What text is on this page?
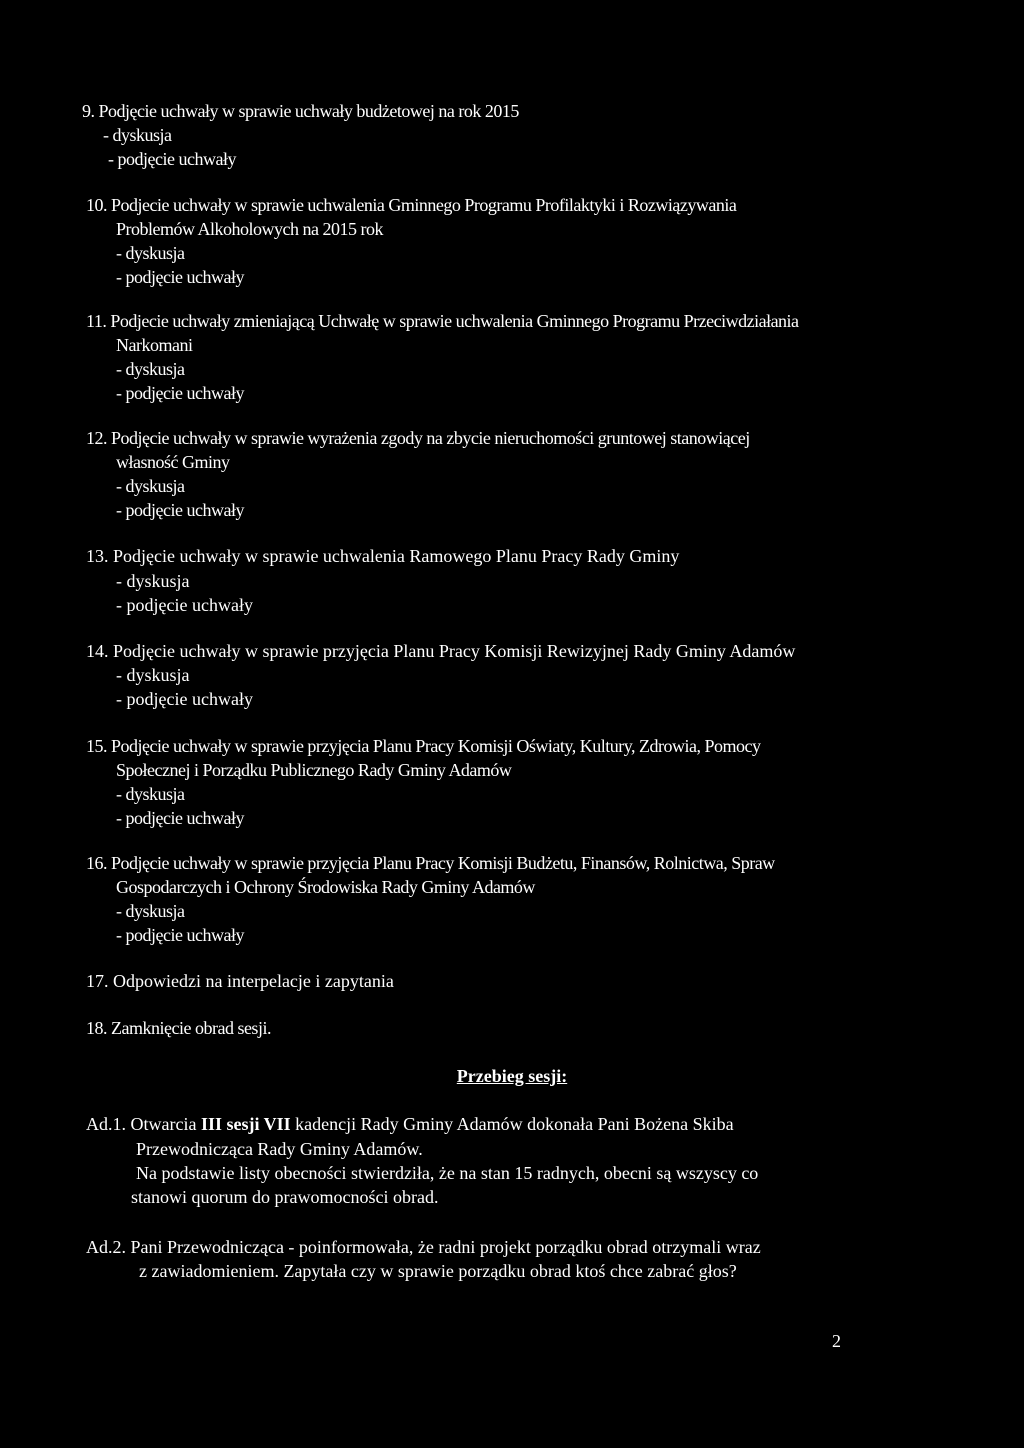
9. Podjęcie uchwały w sprawie uchwały budżetowej na rok 2015
- dyskusja
- podjęcie uchwały
10. Podjecie uchwały w sprawie uchwalenia Gminnego Programu Profilaktyki i Rozwiązywania
Problemów Alkoholowych na 2015 rok
- dyskusja
- podjęcie uchwały
11. Podjecie uchwały zmieniającą Uchwałę w sprawie uchwalenia Gminnego Programu Przeciwdziałania
Narkomani
- dyskusja
- podjęcie uchwały
12. Podjęcie uchwały w sprawie wyrażenia zgody na zbycie nieruchomości gruntowej stanowiącej
własność Gminy
- dyskusja
- podjęcie uchwały
13. Podjęcie uchwały w sprawie uchwalenia Ramowego Planu Pracy Rady Gminy
- dyskusja
- podjęcie uchwały
14. Podjęcie uchwały w sprawie przyjęcia Planu Pracy Komisji Rewizyjnej Rady Gminy Adamów
- dyskusja
- podjęcie uchwały
15. Podjęcie uchwały w sprawie przyjęcia Planu Pracy Komisji Oświaty, Kultury, Zdrowia, Pomocy
Społecznej i Porządku Publicznego Rady Gminy Adamów
- dyskusja
- podjęcie uchwały
16. Podjęcie uchwały w sprawie przyjęcia Planu Pracy Komisji Budżetu, Finansów, Rolnictwa, Spraw
Gospodarczych i Ochrony Środowiska Rady Gminy Adamów
- dyskusja
- podjęcie uchwały
17. Odpowiedzi na interpelacje i zapytania
18. Zamknięcie obrad sesji.
Przebieg sesji:
Ad.1. Otwarcia III sesji VII kadencji Rady Gminy Adamów dokonała Pani Bożena Skiba
Przewodnicząca Rady Gminy Adamów.
Na podstawie listy obecności stwierdziła, że na stan 15 radnych, obecni są wszyscy co
stanowi quorum do prawomocności obrad.
Ad.2. Pani Przewodnicząca - poinformowała, że radni projekt porządku obrad otrzymali wraz
z zawiadomieniem. Zapytała czy w sprawie porządku obrad ktoś chce zabrać głos?
2
